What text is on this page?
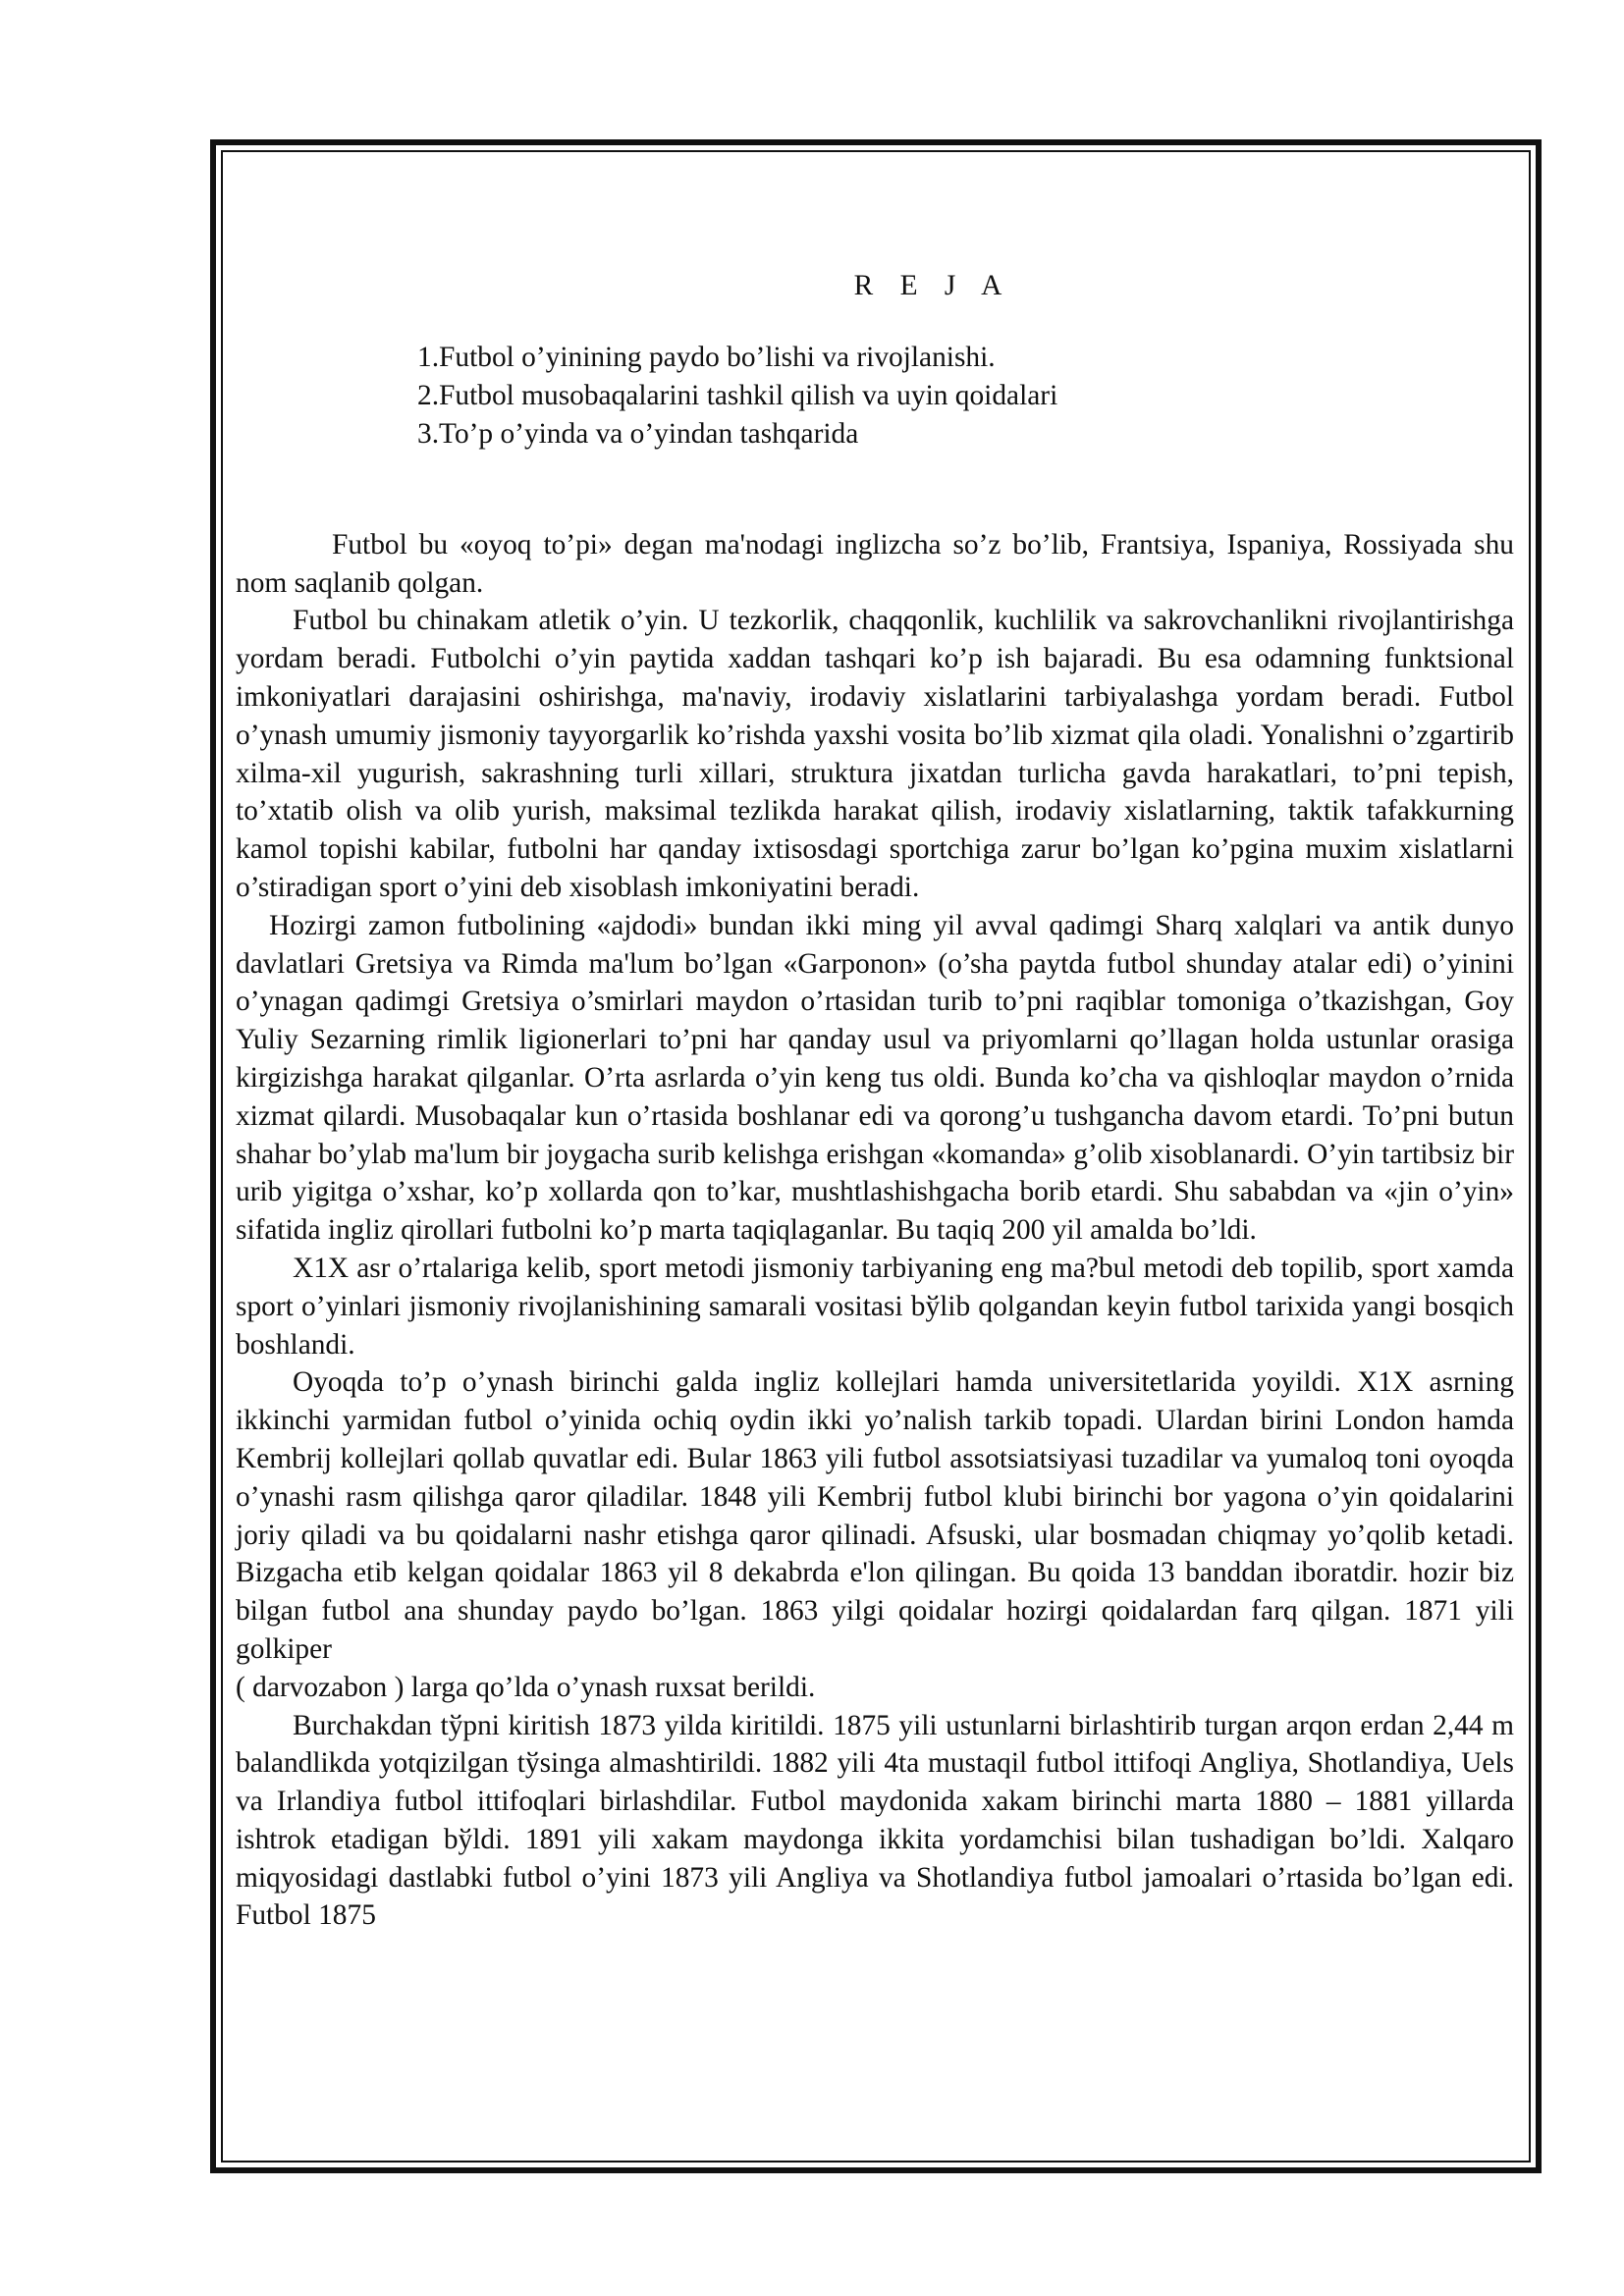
R E J A
1.Futbol o’yinining paydo bo’lishi va rivojlanishi.
2.Futbol musobaqalarini tashkil qilish va uyin qoidalari
3.To’p o’yinda va o’yindan tashqarida

Futbol bu «oyoq to’pi» degan ma'nodagi inglizcha so’z bo’lib, Frantsiya, Ispaniya, Rossiyada shu nom saqlanib qolgan.

Futbol bu chinakam atletik o’yin. U tezkorlik, chaqqonlik, kuchlilik va sakrovchanlikni rivojlantirishga yordam beradi. Futbolchi o’yin paytida xaddan tashqari ko’p ish bajaradi. Bu esa odamning funktsional imkoniyatlari darajasini oshirishga, ma'naviy, irodaviy xislatlarini tarbiyalashga yordam beradi. Futbol o’ynash umumiy jismoniy tayyorgarlik ko’rishda yaxshi vosita bo’lib xizmat qila oladi. Yonalishni o’zgartirib xilma-xil yugurish, sakrashning turli xillari, struktura jixatdan turlicha gavda harakatlari, to’pni tepish, to’xtatib olish va olib yurish, maksimal tezlikda harakat qilish, irodaviy xislatlarning, taktik tafakkurning kamol topishi kabilar, futbolni har qanday ixtisosdagi sportchiga zarur bo’lgan ko’pgina muxim xislatlarni o’stiradigan sport o’yini deb xisoblash imkoniyatini beradi.

Hozirgi zamon futbolining «ajdodi» bundan ikki ming yil avval qadimgi Sharq xalqlari va antik dunyo davlatlari Gretsiya va Rimda ma'lum bo’lgan «Garponon» (o’sha paytda futbol shunday atalar edi) o’yinini o’ynagan qadimgi Gretsiya o’smirlari maydon o’rtasidan turib to’pni raqiblar tomoniga o’tkazishgan, Goy Yuliy Sezarning rimlik ligionerlari to’pni har qanday usul va priyomlarni qo’llagan holda ustunlar orasiga kirgizishga harakat qilganlar. O’rta asrlarda o’yin keng tus oldi. Bunda ko’cha va qishloqlar maydon o’rnida xizmat qilardi. Musobaqalar kun o’rtasida boshlanar edi va qorong’u tushgancha davom etardi. To’pni butun shahar bo’ylab ma'lum bir joygacha surib kelishga erishgan «komanda» g’olib xisoblanardi. O’yin tartibsiz bir urib yigitga o’xshar, ko’p xollarda qon to’kar, mushtlashishgacha borib etardi. Shu sababdan va «jin o’yin» sifatida ingliz qirollari futbolni ko’p marta taqiqlaganlar. Bu taqiq 200 yil amalda bo’ldi.

X1X asr o’rtalariga kelib, sport metodi jismoniy tarbiyaning eng ma?bul metodi deb topilib, sport xamda sport o’yinlari jismoniy rivojlanishining samarali vositasi bўlib qolgandan keyin futbol tarixida yangi bosqich boshlandi.

Oyoqda to’p o’ynash birinchi galda ingliz kollejlari hamda universitetlarida yoyildi. X1X asrning ikkinchi yarmidan futbol o’yinida ochiq oydin ikki yo’nalish tarkib topadi. Ulardan birini London hamda Kembrij kollejlari qollab quvatlar edi. Bular 1863 yili futbol assotsiatsiyasi tuzadilar va yumaloq toni oyoqda o’ynashi rasm qilishga qaror qiladilar. 1848 yili Kembrij futbol klubi birinchi bor yagona o’yin qoidalarini joriy qiladi va bu qoidalarni nashr etishga qaror qilinadi. Afsuski, ular bosmadan chiqmay yo’qolib ketadi. Bizgacha etib kelgan qoidalar 1863 yil 8 dekabrda e'lon qilingan. Bu qoida 13 banddan iboratdir. hozir biz bilgan futbol ana shunday paydo bo’lgan. 1863 yilgi qoidalar hozirgi qoidalardan farq qilgan. 1871 yili golkiper

( darvozabon ) larga qo’lda o’ynash ruxsat berildi.

Burchakdan tўpni kiritish 1873 yilda kiritildi. 1875 yili ustunlarni birlashtirib turgan arqon erdan 2,44 m balandlikda yotqizilgan tўsinga almashtirildi. 1882 yili 4ta mustaqil futbol ittifoqi Angliya, Shotlandiya, Uels va Irlandiya futbol ittifoqlari birlashdilar. Futbol maydonida xakam birinchi marta 1880 – 1881 yillarda ishtrok etadigan bўldi. 1891 yili xakam maydonga ikkita yordamchisi bilan tushadigan bo’ldi. Xalqaro miqyosidagi dastlabki futbol o’yini 1873 yili Angliya va Shotlandiya futbol jamoalari o’rtasida bo’lgan edi. Futbol 1875
